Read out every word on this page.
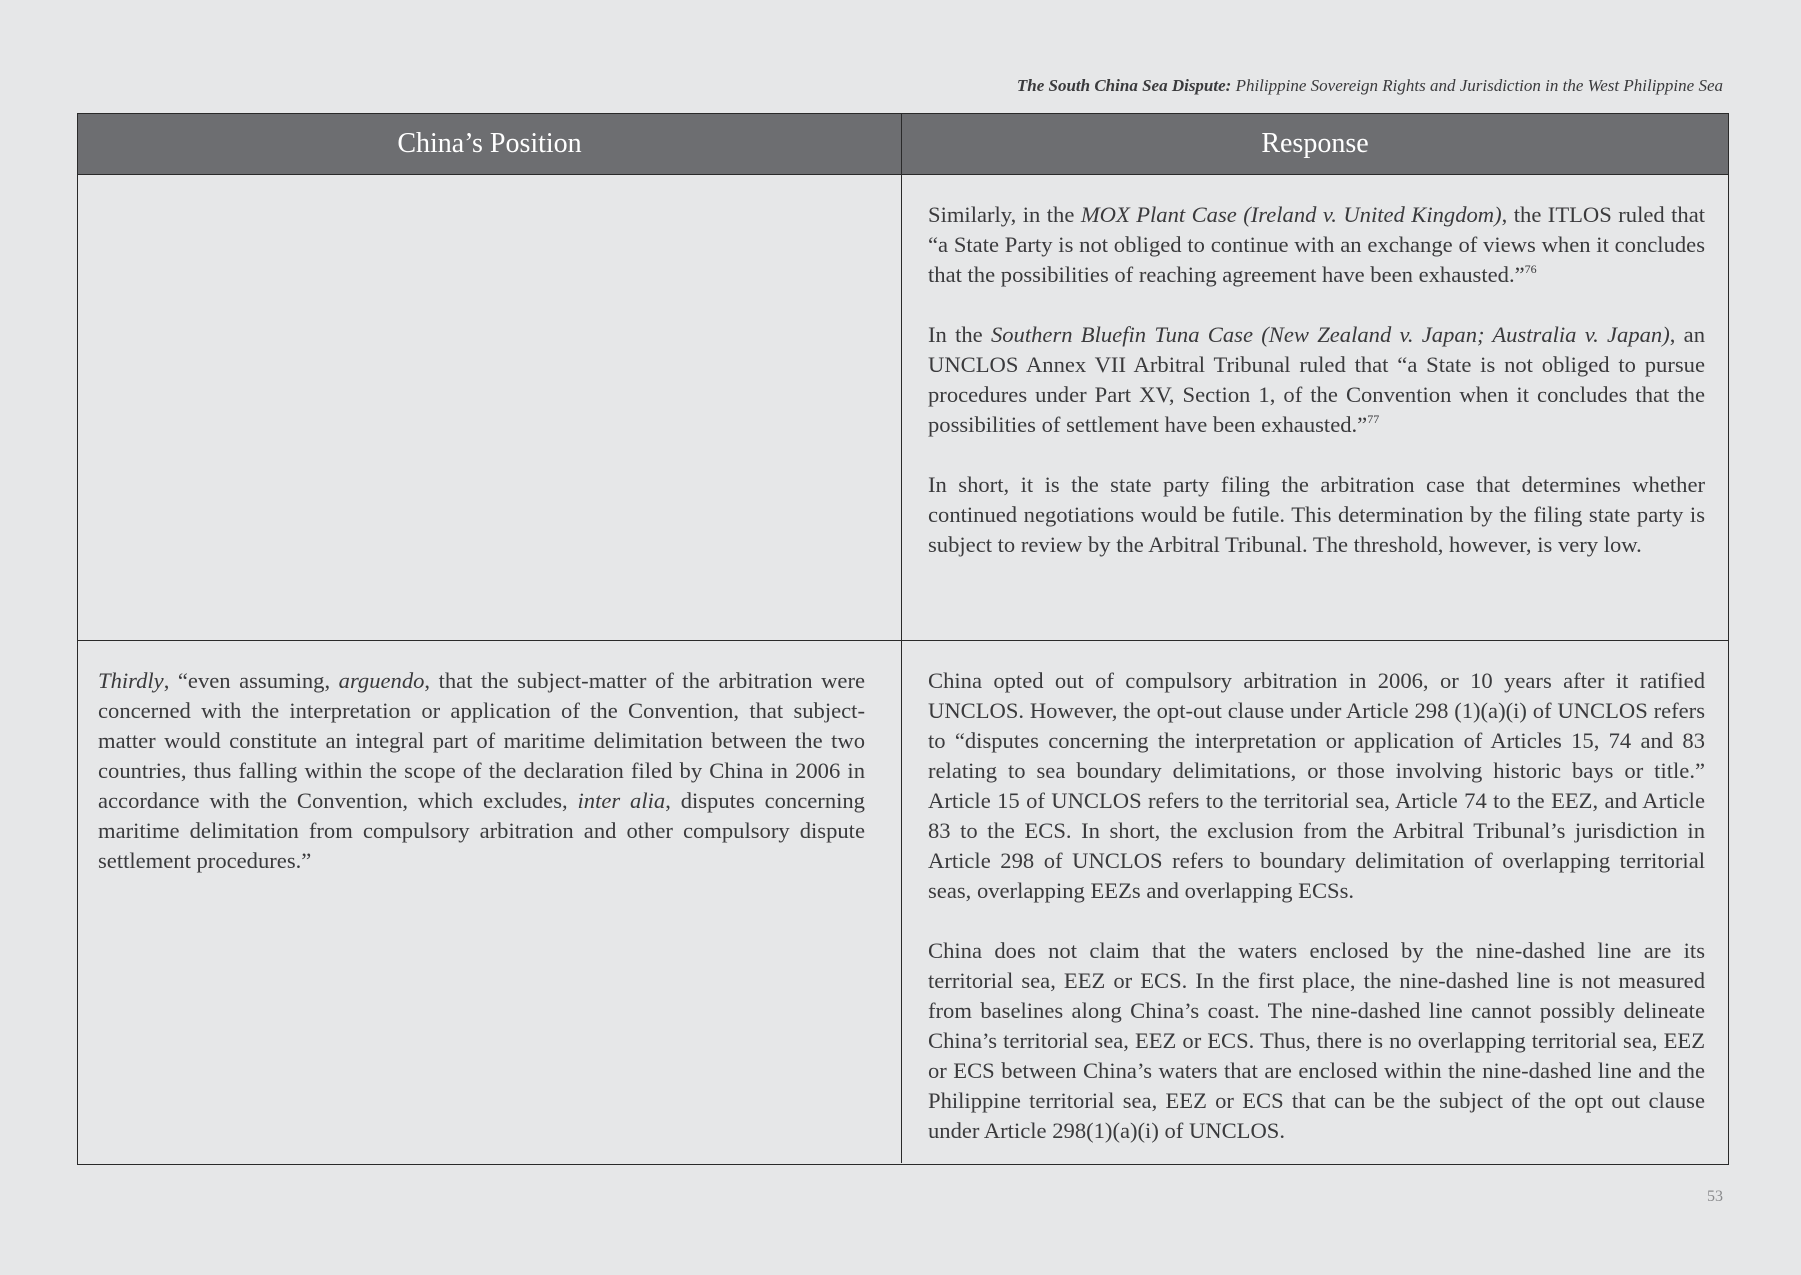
The South China Sea Dispute: Philippine Sovereign Rights and Jurisdiction in the West Philippine Sea
China’s Position	Response

Similarly, in the MOX Plant Case (Ireland v. United Kingdom), the ITLOS ruled that “a State Party is not obliged to continue with an exchange of views when it concludes that the possibilities of reaching agreement have been exhausted.”$^{76}$

In the Southern Bluefin Tuna Case (New Zealand v. Japan; Australia v. Japan), an UNCLOS Annex VII Arbitral Tribunal ruled that “a State is not obliged to pursue procedures under Part XV, Section 1, of the Convention when it concludes that the possibilities of settlement have been exhausted.”$^{77}$

In short, it is the state party filing the arbitration case that determines whether continued negotiations would be futile. This determination by the filing state party is subject to review by the Arbitral Tribunal. The threshold, however, is very low.

Thirdly, “even assuming, arguendo, that the subject-matter of the arbitration were concerned with the interpretation or application of the Convention, that subject-matter would constitute an integral part of maritime delimitation between the two countries, thus falling within the scope of the declaration filed by China in 2006 in accordance with the Convention, which excludes, inter alia, disputes concerning maritime delimitation from compulsory arbitration and other compulsory dispute settlement procedures.”

China opted out of compulsory arbitration in 2006, or 10 years after it ratified UNCLOS. However, the opt-out clause under Article 298 (1)(a)(i) of UNCLOS refers to “disputes concerning the interpretation or application of Articles 15, 74 and 83 relating to sea boundary delimitations, or those involving historic bays or title.” Article 15 of UNCLOS refers to the territorial sea, Article 74 to the EEZ, and Article 83 to the ECS. In short, the exclusion from the Arbitral Tribunal’s jurisdiction in Article 298 of UNCLOS refers to boundary delimitation of overlapping territorial seas, overlapping EEZs and overlapping ECSs.

China does not claim that the waters enclosed by the nine-dashed line are its territorial sea, EEZ or ECS. In the first place, the nine-dashed line is not measured from baselines along China’s coast. The nine-dashed line cannot possibly delineate China’s territorial sea, EEZ or ECS. Thus, there is no overlapping territorial sea, EEZ or ECS between China’s waters that are enclosed within the nine-dashed line and the Philippine territorial sea, EEZ or ECS that can be the subject of the opt out clause under Article 298(1)(a)(i) of UNCLOS.

53
